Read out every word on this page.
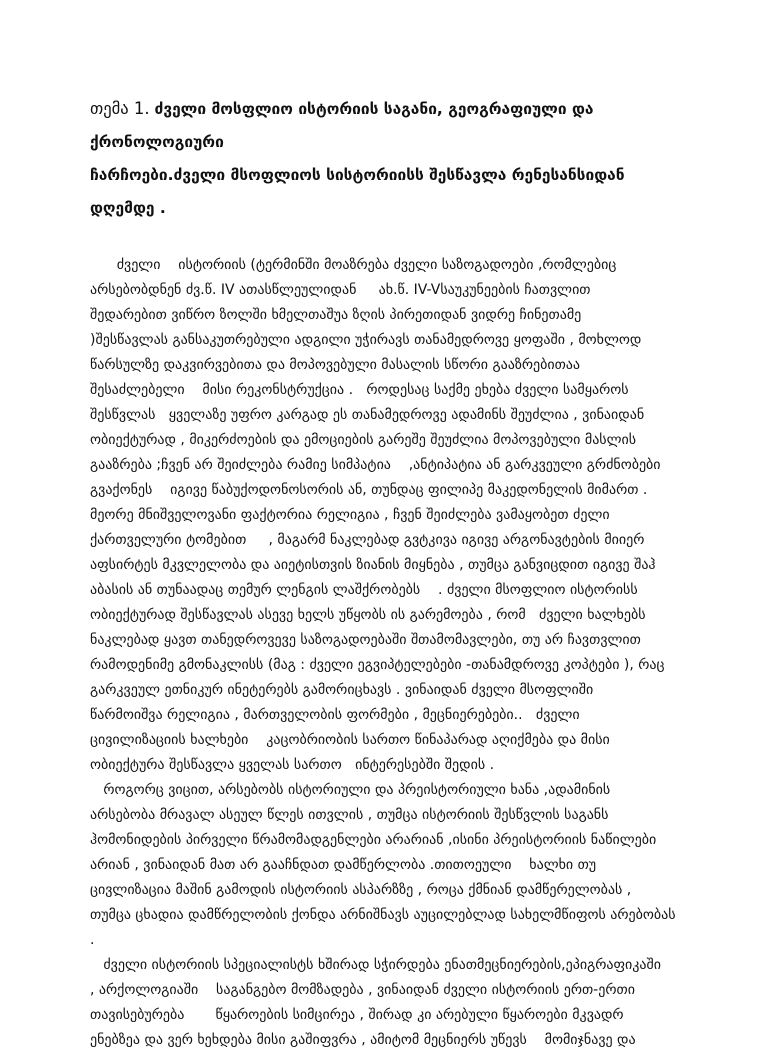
თემა 1. ძველი მოსფლიო ისტორიის საგანი, გეოგრაფიული და ქრონოლოგიური
ჩარჩოები.ძველი მსოფლიოს სისტორიისს შესწავლა რენესანსიდან დღემდე .
ძველი    ისტორიის (ტერმინში მოაზრება ძველი საზოგადოები ,რომლებიც
არსებობდნენ ძვ.წ. IV ათასწლეულიდან     ახ.წ. IV-Vსაუკუნეების ჩათვლით
შედარებით ვიწრო ზოლში ხმელთაშუა ზღის პირეთიდან ვიდრე ჩინეთამე
)შესწავლას განსაკუთრებული ადგილი უჭირავს თანამედროვე ყოფაში , მოხლოდ
წარსულზე დაკვირვებითა და მოპოვებული მასალის სწორი გააზრებითაა
შესაძლებელი    მისი რეკონსტრუქცია .   როდესაც საქმე ეხება ძველი სამყაროს
შესწვლას   ყველაზე უფრო კარგად ეს თანამედროვე ადამინს შეუძლია , ვინაიდან
ობიექტურად , მიკერძოების და ემოციების გარეშე შეუძლია მოპოვებული მასლის
გააზრება ;ჩვენ არ შეიძლება რამიე სიმპატია    ,ანტიპატია ან გარკვეული გრძნობები
გვაქონეს    იგივე წაბუქოდონოსორის ან, თუნდაც ფილიპე მაკედონელის მიმართ .
მეორე მნიშველოვანი ფაქტორია რელიგია , ჩვენ შეიძლება ვამაყობეთ ძელი
ქართველური ტომებით     , მაგარმ ნაკლებად გვტკივა იგივე არგონავტების მიიერ
აფსირტეს მკვლელობა და აიეტისთვის ზიანის მიყნება , თუმცა განვიცდით იგივე შაჰ
აბასის ან თუნაადაც თემურ ლენგის ლაშქრობებს    . ძველი მსოფლიო ისტორისს
ობიექტურად შესწავლას ასევე ხელს უწყობს ის გარემოება , რომ   ძველი ხალხებს
ნაკლებად ყავთ თანედროვევე საზოგადოებაში შთამომავლები, თუ არ ჩავთვლით
რამოდენიმე გმონაკლისს (მაგ : ძველი ეგვიპტელებები -თანამდროვე კოპტები ), რაც
გარკვეულ ეთნიკურ ინეტერებს გამორიცხავს . ვინაიდან ძველი მსოფლიში
წარმოიშვა რელიგია , მართველობის ფორმები , მეცნიერებები..   ძველი
ცივილიზაციის ხალხები    კაცობრიობის სართო წინაპარად აღიქმება და მისი
ობიექტურა შესწავლა ყველას სართო   ინტერესებში შედის .
როგორც ვიცით, არსებობს ისტორიული და პრეისტორიული ხანა ,ადამინის
არსებობა მრავალ ასეულ წლეს ითვლის , თუმცა ისტორიის შესწვლის საგანს
ჰომონიდების პირველი წრამომადგენლები არარიან ,ისინი პრეისტორიის ნაწილები
არიან , ვინაიდან მათ არ გააჩნდათ დამწერლობა .თითოეული    ხალხი თუ
ცივლიზაცია მაშინ გამოდის ისტორიის ასპარზზე , როცა ქმნიან დამწერელობას ,
თუმცა ცხადია დამწრელობის ქონდა არნიშნავს აუცილებლად სახელმწიფოს არებობას
.
ძველი ისტორიის სპეციალისტს ხშირად სჭირდება ენათმეცნიერების,ეპიგრაფიკაში
, არქოლოგიაში    საგანგებო მომზადება , ვინაიდან ძველი ისტორიის ერთ-ერთი
თავისებურება       წყაროების სიმცირეა , შირად კი არებული წყაროები მკვადრ
ენებზეა და ვერ ხეხდება მისი გაშიფვრა , ამიტომ მეცნიერს უწევს    მომიჯნავე და
